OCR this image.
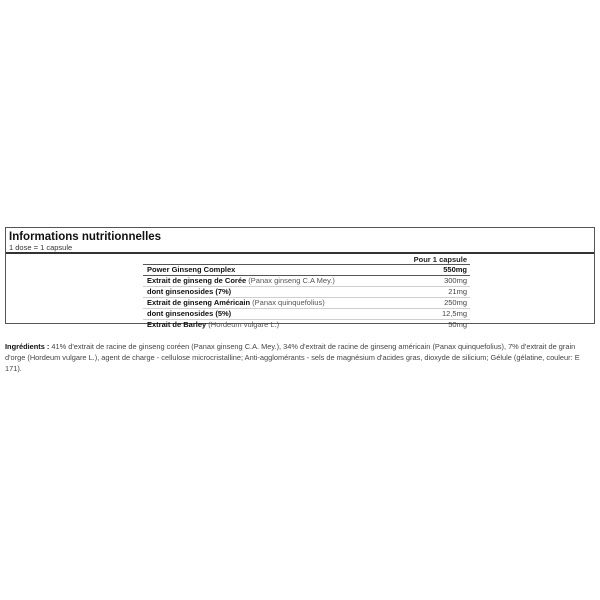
Informations nutritionnelles
1 dose = 1 capsule
Pour 1 capsule
Power Ginseng Complex	550mg
Extrait de ginseng de Corée (Panax ginseng C.A Mey.)	300mg
dont ginsenosides (7%)	21mg
Extrait de ginseng Américain (Panax quinquefolius)	250mg
dont ginsenosides (5%)	12,5mg
Extrait de Barley (Hordeum vulgare L.)	50mg
Ingrédients : 41% d'extrait de racine de ginseng coréen (Panax ginseng C.A. Mey.), 34% d'extrait de racine de ginseng américain (Panax quinquefolius), 7% d'extrait de grain d'orge (Hordeum vulgare L.), agent de charge - cellulose microcristalline; Anti-agglomérants - sels de magnésium d'acides gras, dioxyde de silicium; Gélule (gélatine, couleur: E 171).
